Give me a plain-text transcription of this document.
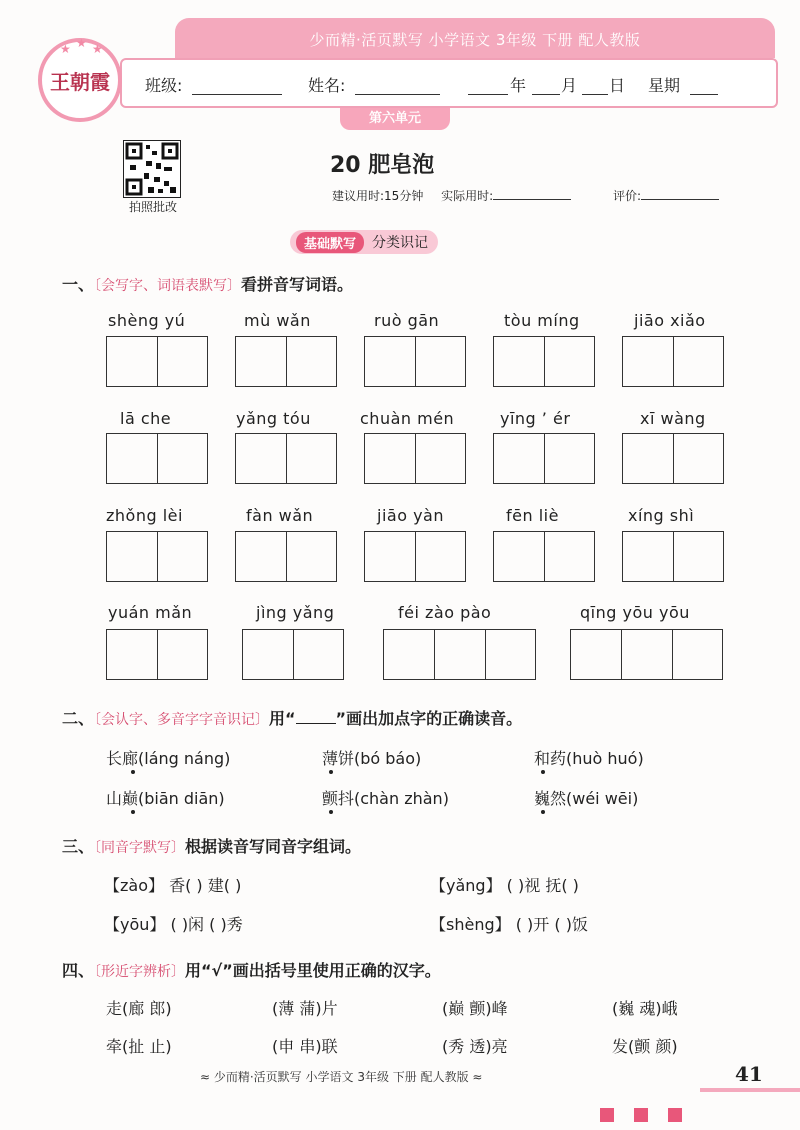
少而精·活页默写 小学语文 3年级 下册 配人教版
王朝霞
★ ★ ★
班级:	姓名:	年 月 日 星期
第六单元
拍照批改
20 肥皂泡
建议用时:15分钟 实际用时:	评价:
基础默写	分类识记
一、〔会写字、词语表默写〕看拼音写词语。
shèng yú	mù wǎn	ruò gān	tòu míng	jiāo xiǎo
lā che	yǎng tóu	chuàn mén	yīng ’ ér	xī wàng
zhǒng lèi	fàn wǎn	jiāo yàn	fēn liè	xíng shì
yuán mǎn	jìng yǎng	féi zào pào	qīng yōu yōu
二、〔会认字、多音字字音识记〕用“	”画出加点字的正确读音。
长廊(láng náng)	薄饼(bó báo)	和药(huò huó)
山巅(biān diān)	颤抖(chàn zhàn)	巍然(wéi wēi)
三、〔同音字默写〕根据读音写同音字组词。
【zào】 香( ) 建( )	【yǎng】 ( )视 抚( )
【yōu】 ( )闲 ( )秀	【shèng】 ( )开 ( )饭
四、〔形近字辨析〕用“√”画出括号里使用正确的汉字。
走(廊 郎)	(薄 蒲)片	(巅 颤)峰	(巍 魂)峨
牵(扯 止)	(申 串)联	(秀 透)亮	发(颤 颜)
≈ 少而精·活页默写 小学语文 3年级 下册 配人教版 ≈	41
